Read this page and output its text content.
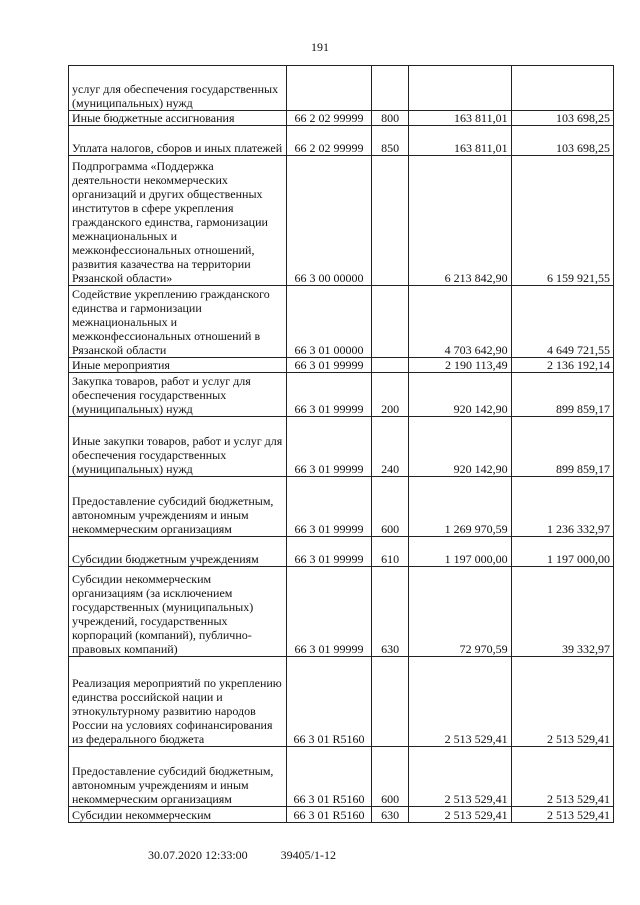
191
услуг для обеспечения государственных (муниципальных) нужд				

Иные бюджетные ассигнования	66 2 02 99999	800	163 811,01	103 698,25

Уплата налогов, сборов и иных платежей	66 2 02 99999	850	163 811,01	103 698,25

Подпрограмма «Поддержка деятельности некоммерческих организаций и других общественных институтов в сфере укрепления гражданского единства, гармонизации межнациональных и межконфессиональных отношений, развития казачества на территории Рязанской области»	66 3 00 00000		6 213 842,90	6 159 921,55

Содействие укреплению гражданского единства и гармонизации межнациональных и межконфессиональных отношений в Рязанской области	66 3 01 00000		4 703 642,90	4 649 721,55

Иные мероприятия	66 3 01 99999		2 190 113,49	2 136 192,14

Закупка товаров, работ и услуг для обеспечения государственных (муниципальных) нужд	66 3 01 99999	200	920 142,90	899 859,17

Иные закупки товаров, работ и услуг для обеспечения государственных (муниципальных) нужд	66 3 01 99999	240	920 142,90	899 859,17

Предоставление субсидий бюджетным, автономным учреждениям и иным некоммерческим организациям	66 3 01 99999	600	1 269 970,59	1 236 332,97

Субсидии бюджетным учреждениям	66 3 01 99999	610	1 197 000,00	1 197 000,00

Субсидии некоммерческим организациям (за исключением государственных (муниципальных) учреждений, государственных корпораций (компаний), публично-правовых компаний)	66 3 01 99999	630	72 970,59	39 332,97

Реализация мероприятий по укреплению единства российской нации и этнокультурному развитию народов России на условиях софинансирования из федерального бюджета	66 3 01 R5160		2 513 529,41	2 513 529,41

Предоставление субсидий бюджетным, автономным учреждениям и иным некоммерческим организациям	66 3 01 R5160	600	2 513 529,41	2 513 529,41

Субсидии некоммерческим	66 3 01 R5160	630	2 513 529,41	2 513 529,41
30.07.2020 12:33:00	39405/1-12
